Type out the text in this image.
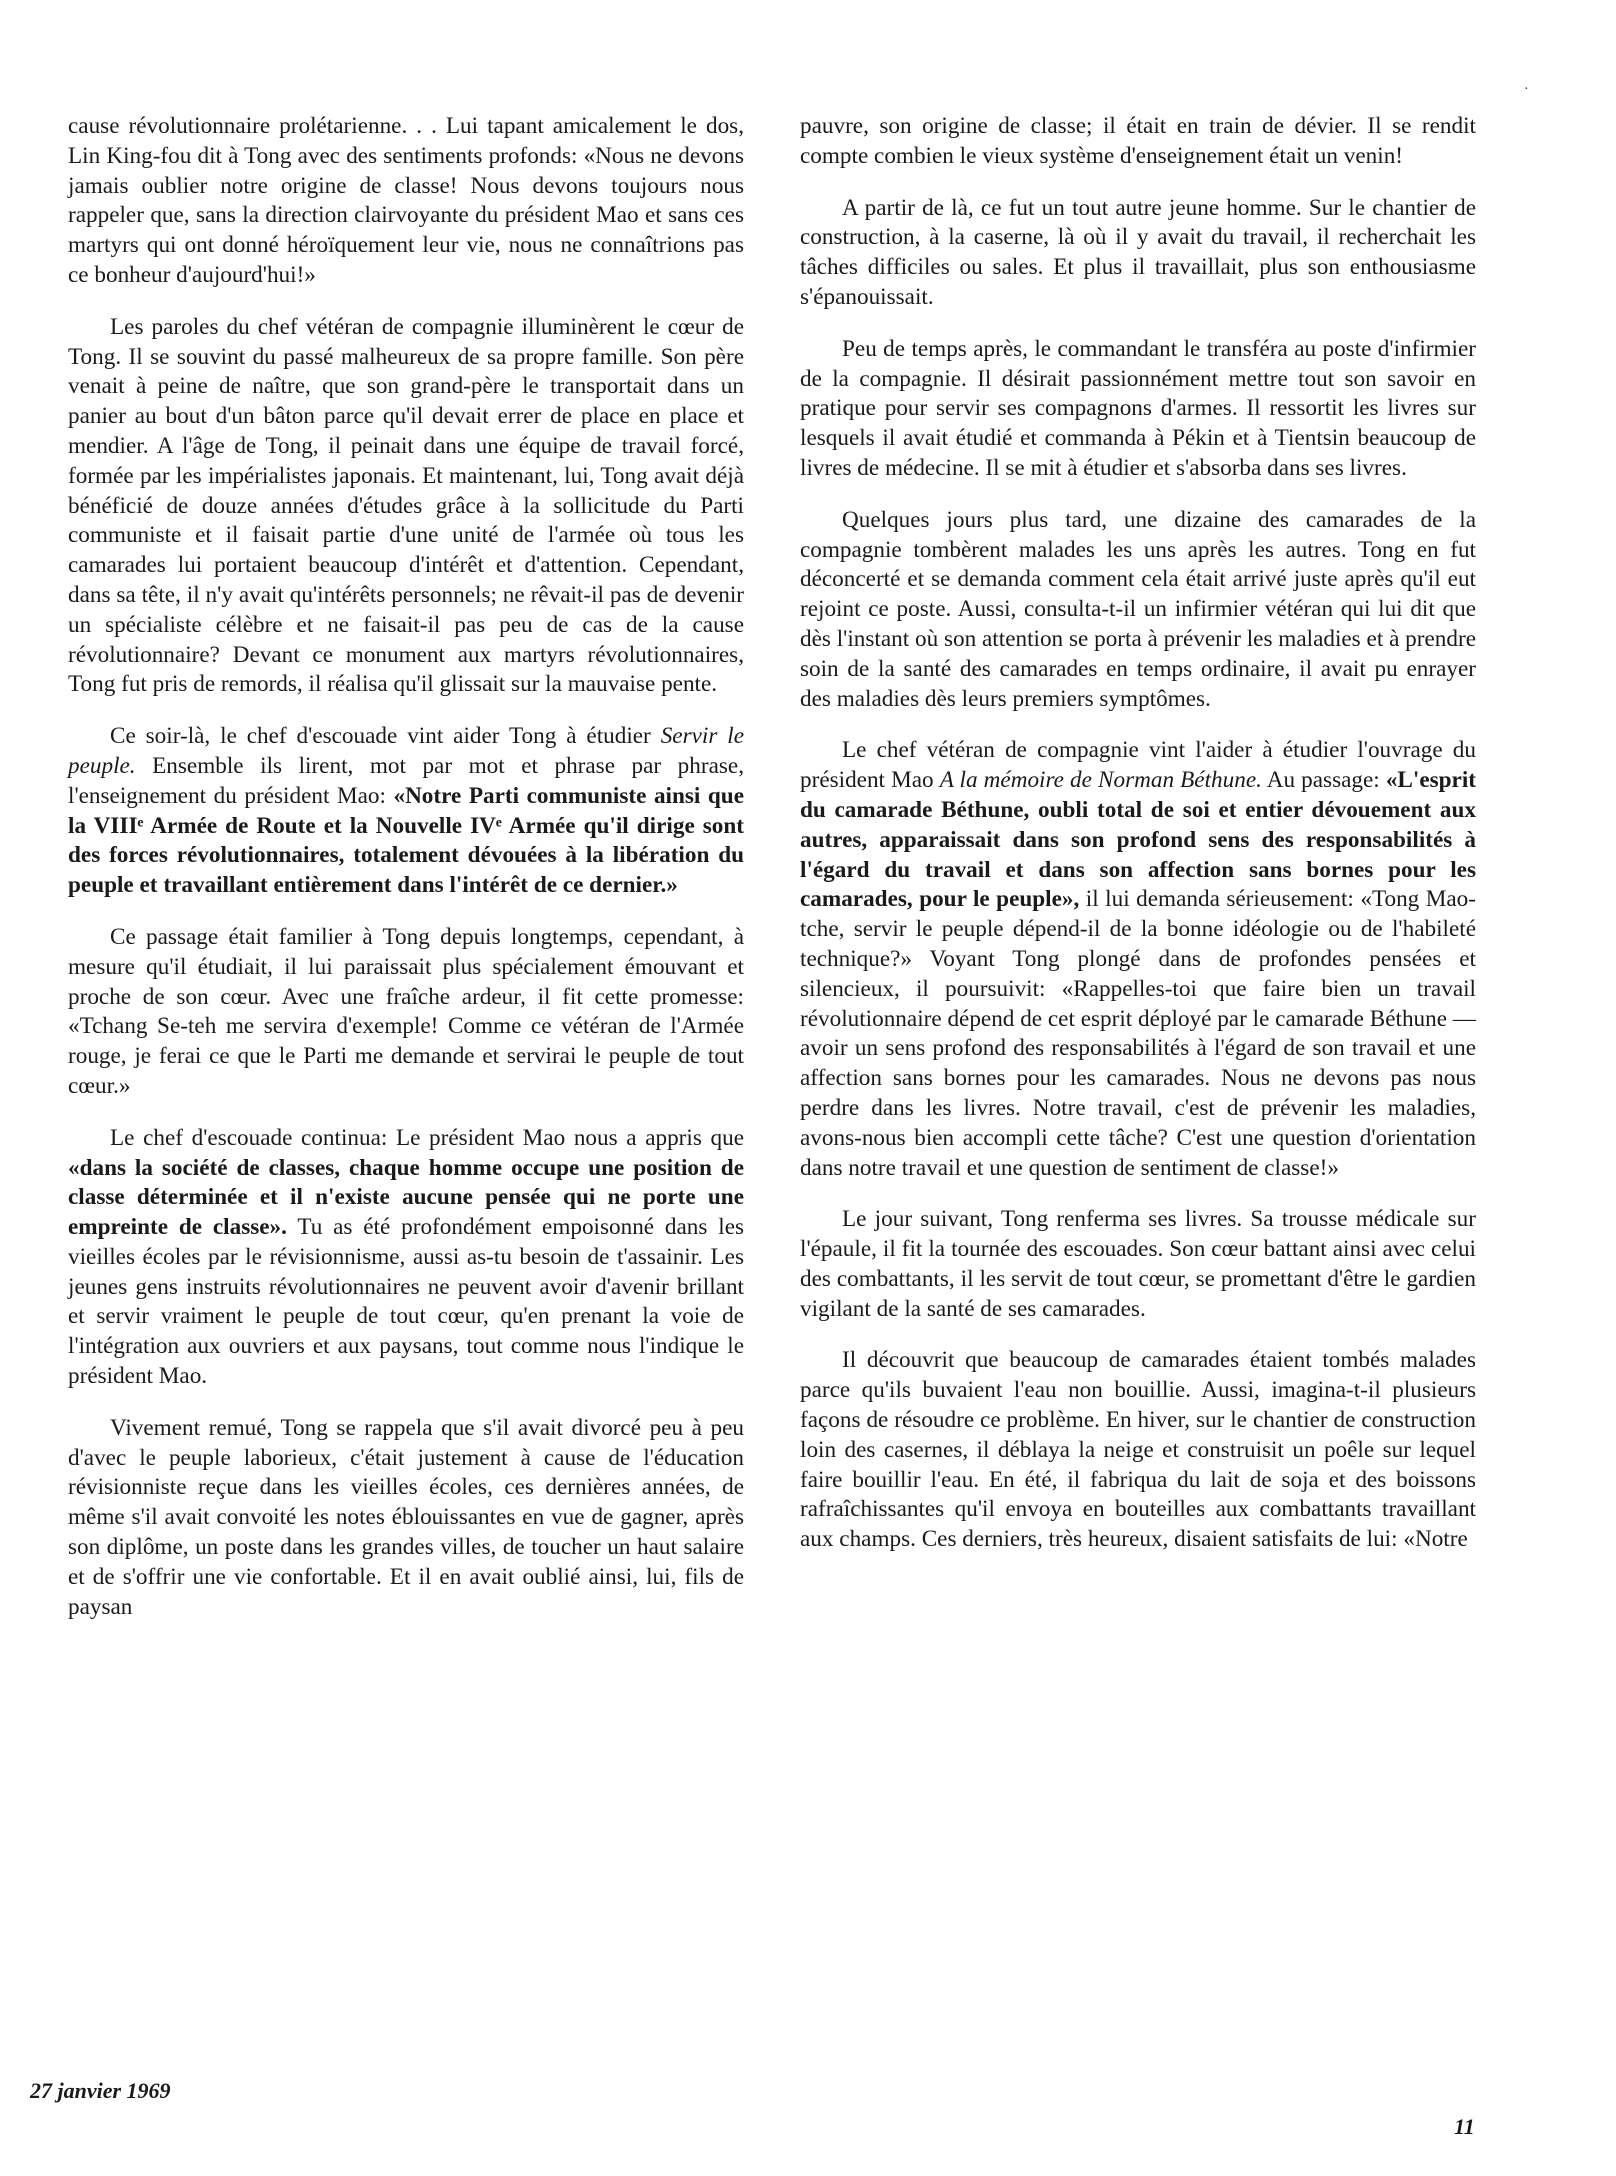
·

cause révolutionnaire prolétarienne. . . Lui tapant amicalement le dos, Lin King-fou dit à Tong avec des sentiments profonds: «Nous ne devons jamais oublier notre origine de classe! Nous devons toujours nous rappeler que, sans la direction clairvoyante du président Mao et sans ces martyrs qui ont donné héroïquement leur vie, nous ne connaîtrions pas ce bonheur d'aujourd'hui!»

Les paroles du chef vétéran de compagnie illuminèrent le cœur de Tong. Il se souvint du passé malheureux de sa propre famille. Son père venait à peine de naître, que son grand-père le transportait dans un panier au bout d'un bâton parce qu'il devait errer de place en place et mendier. A l'âge de Tong, il peinait dans une équipe de travail forcé, formée par les impérialistes japonais. Et maintenant, lui, Tong avait déjà bénéficié de douze années d'études grâce à la sollicitude du Parti communiste et il faisait partie d'une unité de l'armée où tous les camarades lui portaient beaucoup d'intérêt et d'attention. Cependant, dans sa tête, il n'y avait qu'intérêts personnels; ne rêvait-il pas de devenir un spécialiste célèbre et ne faisait-il pas peu de cas de la cause révolutionnaire? Devant ce monument aux martyrs révolutionnaires, Tong fut pris de remords, il réalisa qu'il glissait sur la mauvaise pente.

Ce soir-là, le chef d'escouade vint aider Tong à étudier Servir le peuple. Ensemble ils lirent, mot par mot et phrase par phrase, l'enseignement du président Mao: «Notre Parti communiste ainsi que la VIIIᵉ Armée de Route et la Nouvelle IVᵉ Armée qu'il dirige sont des forces révolutionnaires, totalement dévouées à la libération du peuple et travaillant entièrement dans l'intérêt de ce dernier.»

Ce passage était familier à Tong depuis longtemps, cependant, à mesure qu'il étudiait, il lui paraissait plus spécialement émouvant et proche de son cœur. Avec une fraîche ardeur, il fit cette promesse: «Tchang Se-teh me servira d'exemple! Comme ce vétéran de l'Armée rouge, je ferai ce que le Parti me demande et servirai le peuple de tout cœur.»

Le chef d'escouade continua: Le président Mao nous a appris que «dans la société de classes, chaque homme occupe une position de classe déterminée et il n'existe aucune pensée qui ne porte une empreinte de classe». Tu as été profondément empoisonné dans les vieilles écoles par le révisionnisme, aussi as-tu besoin de t'assainir. Les jeunes gens instruits révolutionnaires ne peuvent avoir d'avenir brillant et servir vraiment le peuple de tout cœur, qu'en prenant la voie de l'intégration aux ouvriers et aux paysans, tout comme nous l'indique le président Mao.

Vivement remué, Tong se rappela que s'il avait divorcé peu à peu d'avec le peuple laborieux, c'était justement à cause de l'éducation révisionniste reçue dans les vieilles écoles, ces dernières années, de même s'il avait convoité les notes éblouissantes en vue de gagner, après son diplôme, un poste dans les grandes villes, de toucher un haut salaire et de s'offrir une vie confortable. Et il en avait oublié ainsi, lui, fils de paysan

pauvre, son origine de classe; il était en train de dévier. Il se rendit compte combien le vieux système d'enseignement était un venin!

A partir de là, ce fut un tout autre jeune homme. Sur le chantier de construction, à la caserne, là où il y avait du travail, il recherchait les tâches difficiles ou sales. Et plus il travaillait, plus son enthousiasme s'épanouissait.

Peu de temps après, le commandant le transféra au poste d'infirmier de la compagnie. Il désirait passionnément mettre tout son savoir en pratique pour servir ses compagnons d'armes. Il ressortit les livres sur lesquels il avait étudié et commanda à Pékin et à Tientsin beaucoup de livres de médecine. Il se mit à étudier et s'absorba dans ses livres.

Quelques jours plus tard, une dizaine des camarades de la compagnie tombèrent malades les uns après les autres. Tong en fut déconcerté et se demanda comment cela était arrivé juste après qu'il eut rejoint ce poste. Aussi, consulta-t-il un infirmier vétéran qui lui dit que dès l'instant où son attention se porta à prévenir les maladies et à prendre soin de la santé des camarades en temps ordinaire, il avait pu enrayer des maladies dès leurs premiers symptômes.

Le chef vétéran de compagnie vint l'aider à étudier l'ouvrage du président Mao A la mémoire de Norman Béthune. Au passage: «L'esprit du camarade Béthune, oubli total de soi et entier dévouement aux autres, apparaissait dans son profond sens des responsabilités à l'égard du travail et dans son affection sans bornes pour les camarades, pour le peuple», il lui demanda sérieusement: «Tong Mao-tche, servir le peuple dépend-il de la bonne idéologie ou de l'habileté technique?» Voyant Tong plongé dans de profondes pensées et silencieux, il poursuivit: «Rappelles-toi que faire bien un travail révolutionnaire dépend de cet esprit déployé par le camarade Béthune — avoir un sens profond des responsabilités à l'égard de son travail et une affection sans bornes pour les camarades. Nous ne devons pas nous perdre dans les livres. Notre travail, c'est de prévenir les maladies, avons-nous bien accompli cette tâche? C'est une question d'orientation dans notre travail et une question de sentiment de classe!»

Le jour suivant, Tong renferma ses livres. Sa trousse médicale sur l'épaule, il fit la tournée des escouades. Son cœur battant ainsi avec celui des combattants, il les servit de tout cœur, se promettant d'être le gardien vigilant de la santé de ses camarades.

Il découvrit que beaucoup de camarades étaient tombés malades parce qu'ils buvaient l'eau non bouillie. Aussi, imagina-t-il plusieurs façons de résoudre ce problème. En hiver, sur le chantier de construction loin des casernes, il déblaya la neige et construisit un poêle sur lequel faire bouillir l'eau. En été, il fabriqua du lait de soja et des boissons rafraîchissantes qu'il envoya en bouteilles aux combattants travaillant aux champs. Ces derniers, très heureux, disaient satisfaits de lui: «Notre

27 janvier 1969
11
